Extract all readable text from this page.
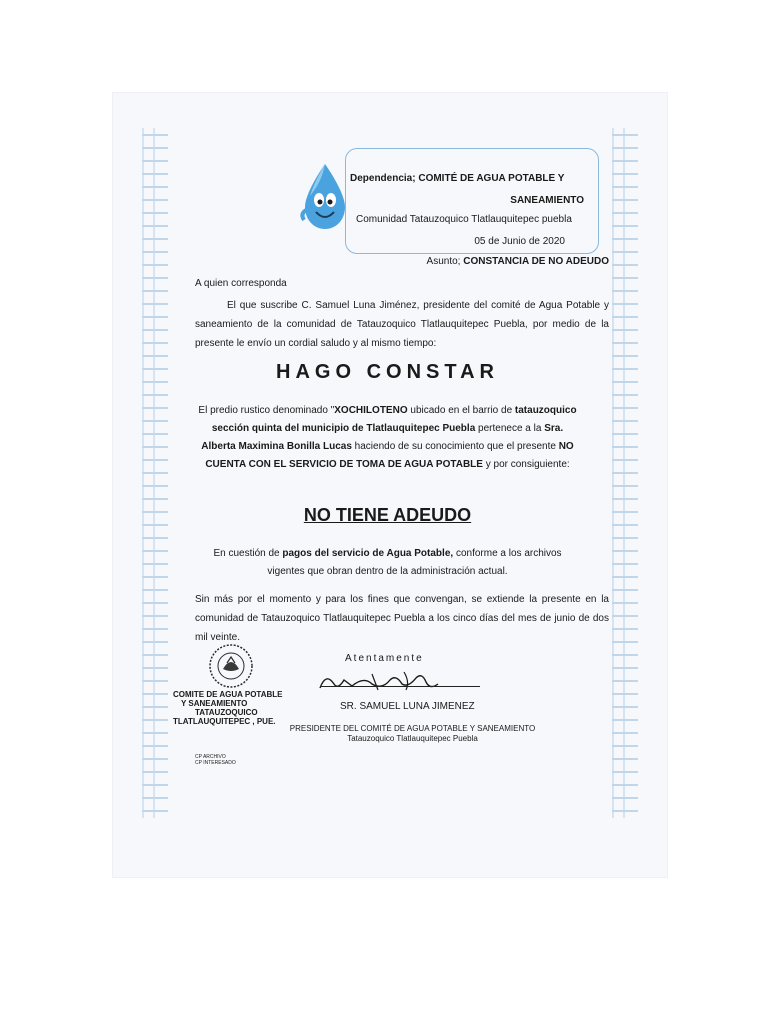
Dependencia; COMITÉ DE AGUA POTABLE Y
SANEAMIENTO
Comunidad Tatauzoquico Tlatlauquitepec puebla
05 de Junio de 2020
Asunto; CONSTANCIA DE NO ADEUDO
A quien corresponda
El que suscribe C. Samuel Luna Jiménez, presidente del comité de Agua Potable y saneamiento de la comunidad de Tatauzoquico Tlatlauquitepec Puebla, por medio de la presente le envío un cordial saludo y al mismo tiempo:
HAGO CONSTAR
El predio rustico denominado "XOCHILOTENO ubicado en el barrio de tatauzoquico sección quinta del municipio de Tlatlauquitepec Puebla pertenece a la Sra. Alberta Maximina Bonilla Lucas haciendo de su conocimiento que el presente NO CUENTA CON EL SERVICIO DE TOMA DE AGUA POTABLE y por consiguiente:
NO TIENE ADEUDO
En cuestión de pagos del servicio de Agua Potable, conforme a los archivos vigentes que obran dentro de la administración actual.
Sin más por el momento y para los fines que convengan, se extiende la presente en la comunidad de Tatauzoquico Tlatlauquitepec Puebla a los cinco días del mes de junio de dos mil veinte.
COMITE DE AGUA POTABLE
Y SANEAMIENTO
TATAUZOQUICO
TLATLAUQUITEPEC , PUE.
Atentamente
SR. SAMUEL LUNA JIMENEZ
PRESIDENTE DEL COMITÉ DE AGUA POTABLE Y SANEAMIENTO
Tatauzoquico Tlatlauquitepec Puebla
CP ARCHIVO
CP INTERESADO
